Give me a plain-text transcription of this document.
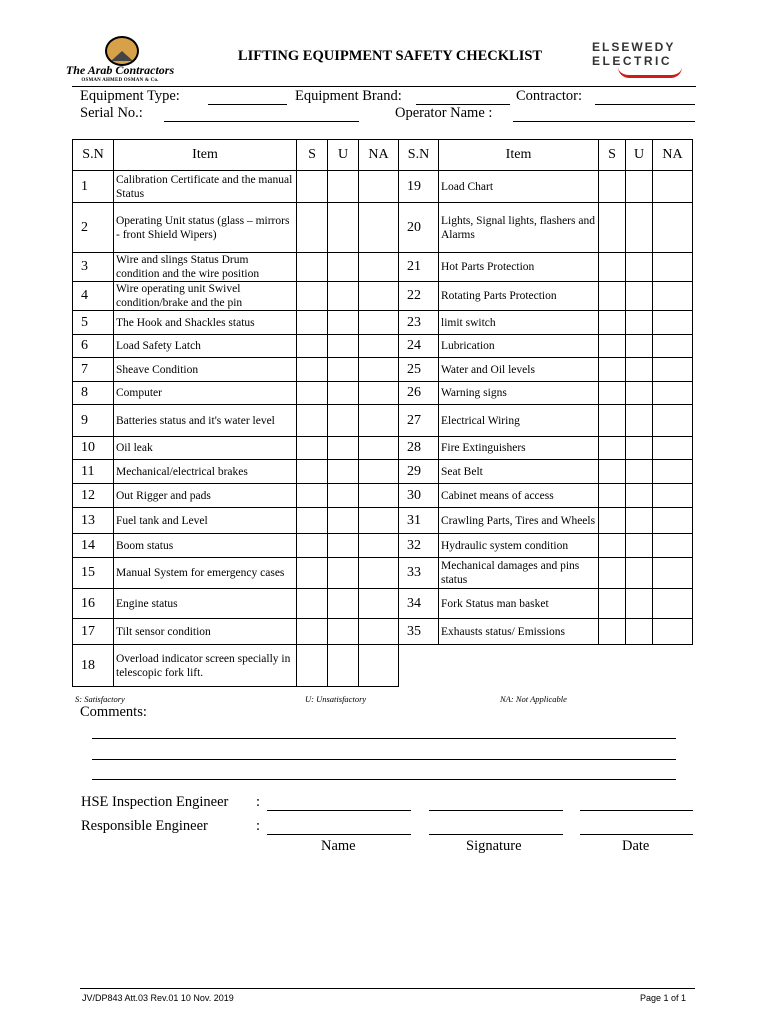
The Arab Contractors
OSMAN AHMED OSMAN & Co.
LIFTING EQUIPMENT SAFETY CHECKLIST
ELSEWEDY
ELECTRIC
Equipment Type:	Equipment Brand:	Contractor:
Serial No.:	Operator Name :
S.N	Item	S	U	NA	S.N	Item	S	U	NA
1	Calibration Certificate and the manual Status				19	Load Chart			
2	Operating Unit status (glass – mirrors - front Shield Wipers)				20	Lights, Signal lights, flashers and Alarms			
3	Wire and slings Status Drum condition and the wire position				21	Hot Parts Protection			
4	Wire operating unit Swivel condition/brake and the pin				22	Rotating Parts Protection			
5	The Hook and Shackles status				23	limit switch			
6	Load Safety Latch				24	Lubrication			
7	Sheave Condition				25	Water and Oil levels			
8	Computer				26	Warning signs			
9	Batteries status and it's water level				27	Electrical Wiring			
10	Oil leak				28	Fire Extinguishers			
11	Mechanical/electrical brakes				29	Seat Belt			
12	Out Rigger and pads				30	Cabinet means of access			
13	Fuel tank and Level				31	Crawling Parts, Tires and Wheels			
14	Boom status				32	Hydraulic system condition			
15	Manual System for emergency cases				33	Mechanical damages and pins status			
16	Engine status				34	Fork Status man basket			
17	Tilt sensor condition				35	Exhausts status/ Emissions			
18	Overload indicator screen specially in telescopic fork lift.								
S: Satisfactory	U: Unsatisfactory	NA: Not Applicable
Comments:
HSE Inspection Engineer :
Responsible Engineer	:
Name	Signature	Date
JV/DP843 Att.03 Rev.01 10 Nov. 2019	Page 1 of 1
